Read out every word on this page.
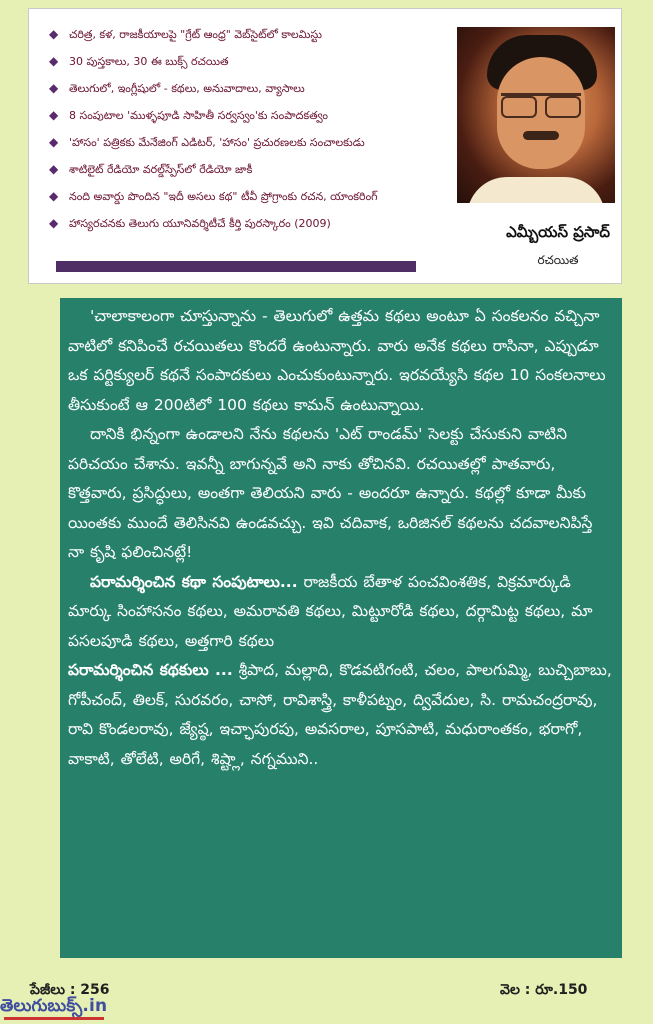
◆ చరిత్ర, కళ, రాజకీయాలపై "గ్రేట్ ఆంధ్ర" వెబ్‌సైట్‌లో కాలమిస్టు
◆ 30 పుస్తకాలు, 30 ఈ బుక్స్ రచయిత
◆ తెలుగులో, ఇంగ్లీషులో - కథలు, అనువాదాలు, వ్యాసాలు
◆ 8 సంపుటాల 'ముళ్ళపూడి సాహితీ సర్వస్వం'కు సంపాదకత్వం
◆ 'హాసం' పత్రికకు మేనేజింగ్ ఎడిటర్, 'హాసం' ప్రచురణలకు సంచాలకుడు
◆ శాటిలైట్ రేడియో వరల్డ్‌స్పేస్‌లో రేడియో జాకీ
◆ నంది అవార్డు పొందిన "ఇదీ అసలు కథ" టీవీ ప్రోగ్రాంకు రచన, యాంకరింగ్
◆ హాస్యరచనకు తెలుగు యూనివర్శిటీచే కీర్తి పురస్కారం (2009)	ఎమ్బీయస్ ప్రసాద్
రచయిత

'చాలాకాలంగా చూస్తున్నాను - తెలుగులో ఉత్తమ కథలు అంటూ ఏ సంకలనం వచ్చినా వాటిలో కనిపించే రచయితలు కొందరే ఉంటున్నారు. వారు అనేక కథలు రాసినా, ఎప్పుడూ ఒక పర్టిక్యులర్ కథనే సంపాదకులు ఎంచుకుంటున్నారు. ఇరవయ్యేసి కథల 10 సంకలనాలు తీసుకుంటే ఆ 200టిలో 100 కథలు కామన్ ఉంటున్నాయి.

దానికి భిన్నంగా ఉండాలని నేను కథలను 'ఎట్ రాండమ్' సెలక్టు చేసుకుని వాటిని పరిచయం చేశాను. ఇవన్నీ బాగున్నవే అని నాకు తోచినవి. రచయితల్లో పాతవారు, కొత్తవారు, ప్రసిద్ధులు, అంతగా తెలియని వారు - అందరూ ఉన్నారు. కథల్లో కూడా మీకు యింతకు ముందే తెలిసినవి ఉండవచ్చు. ఇవి చదివాక, ఒరిజినల్ కథలను చదవాలనిపిస్తే నా కృషి ఫలించినట్లే!

పరామర్శించిన కథా సంపుటాలు... రాజకీయ బేతాళ పంచవింశతిక, విక్రమార్కుడి మార్కు సింహాసనం కథలు, అమరావతి కథలు, మిట్టూరోడి కథలు, దర్గామిట్ట కథలు, మా పసలపూడి కథలు, అత్తగారి కథలు

పరామర్శించిన కథకులు ... శ్రీపాద, మల్లాది, కొడవటిగంటి, చలం, పాలగుమ్మి, బుచ్చిబాబు, గోపీచంద్, తిలక్, సురవరం, చాసో, రావిశాస్త్రి, కాళీపట్నం, ద్వివేదుల, సి. రామచంద్రరావు, రావి కొండలరావు, జ్యేష్ఠ, ఇచ్ఛాపురపు, అవసరాల, పూసపాటి, మధురాంతకం, భరాగో, వాకాటి, తోలేటి, అరిగే, శిష్ట్లా, నగ్నముని..

పేజీలు : 256	వెల : రూ.150
తెలుగుబుక్స్.in
